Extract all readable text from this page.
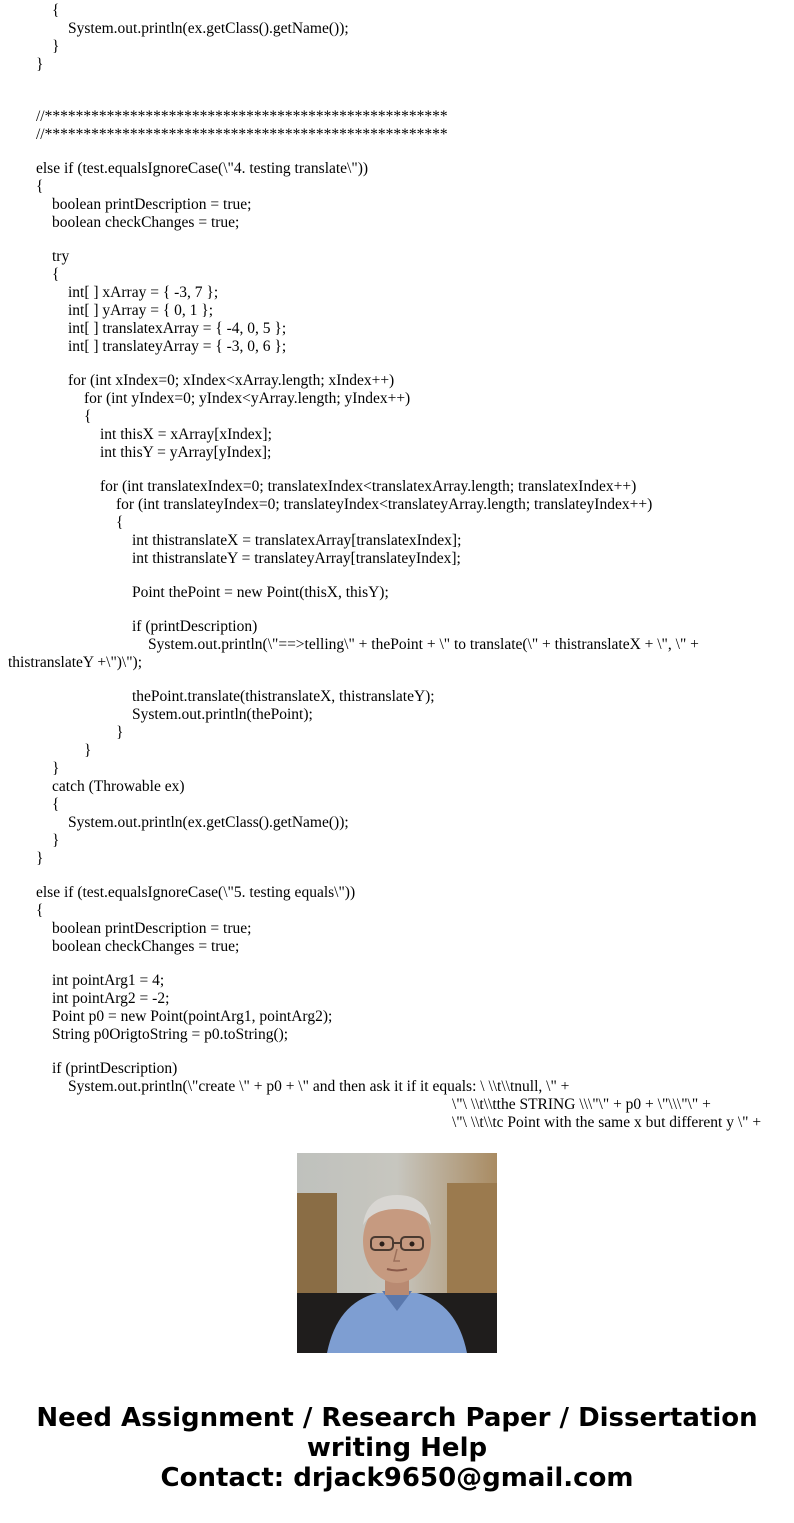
{
System.out.println(ex.getClass().getName());
}
}
//****************************************************
//****************************************************
else if (test.equalsIgnoreCase(\"4. testing translate\"))
{
boolean printDescription = true;
boolean checkChanges = true;
try
{
int[ ] xArray = { -3, 7 };
int[ ] yArray = { 0, 1 };
int[ ] translatexArray = { -4, 0, 5 };
int[ ] translateyArray = { -3, 0, 6 };
for (int xIndex=0; xIndex<xArray.length; xIndex++)
for (int yIndex=0; yIndex<yArray.length; yIndex++)
{
int thisX = xArray[xIndex];
int thisY = yArray[yIndex];
for (int translatexIndex=0; translatexIndex<translatexArray.length; translatexIndex++)
for (int translateyIndex=0; translateyIndex<translateyArray.length; translateyIndex++)
{
int thistranslateX = translatexArray[translatexIndex];
int thistranslateY = translateyArray[translateyIndex];
Point thePoint = new Point(thisX, thisY);
if (printDescription)
System.out.println(\"==>telling\" + thePoint + \" to translate(\" + thistranslateX + \", \" +
thistranslateY +\")\");
thePoint.translate(thistranslateX, thistranslateY);
System.out.println(thePoint);
}
}
}
catch (Throwable ex)
{
System.out.println(ex.getClass().getName());
}
}
else if (test.equalsIgnoreCase(\"5. testing equals\"))
{
boolean printDescription = true;
boolean checkChanges = true;
int pointArg1 = 4;
int pointArg2 = -2;
Point p0 = new Point(pointArg1, pointArg2);
String p0OrigtoString = p0.toString();
if (printDescription)
System.out.println(\"create \" + p0 + \" and then ask it if it equals: \ \\t\\tnull, \" +
\"\ \\t\\tthe STRING \\\"\" + p0 + \"\\\"\" +
\"\ \\t\\tc Point with the same x but different y \" +
Need Assignment / Research Paper / Dissertation
writing Help
Contact: drjack9650@gmail.com
